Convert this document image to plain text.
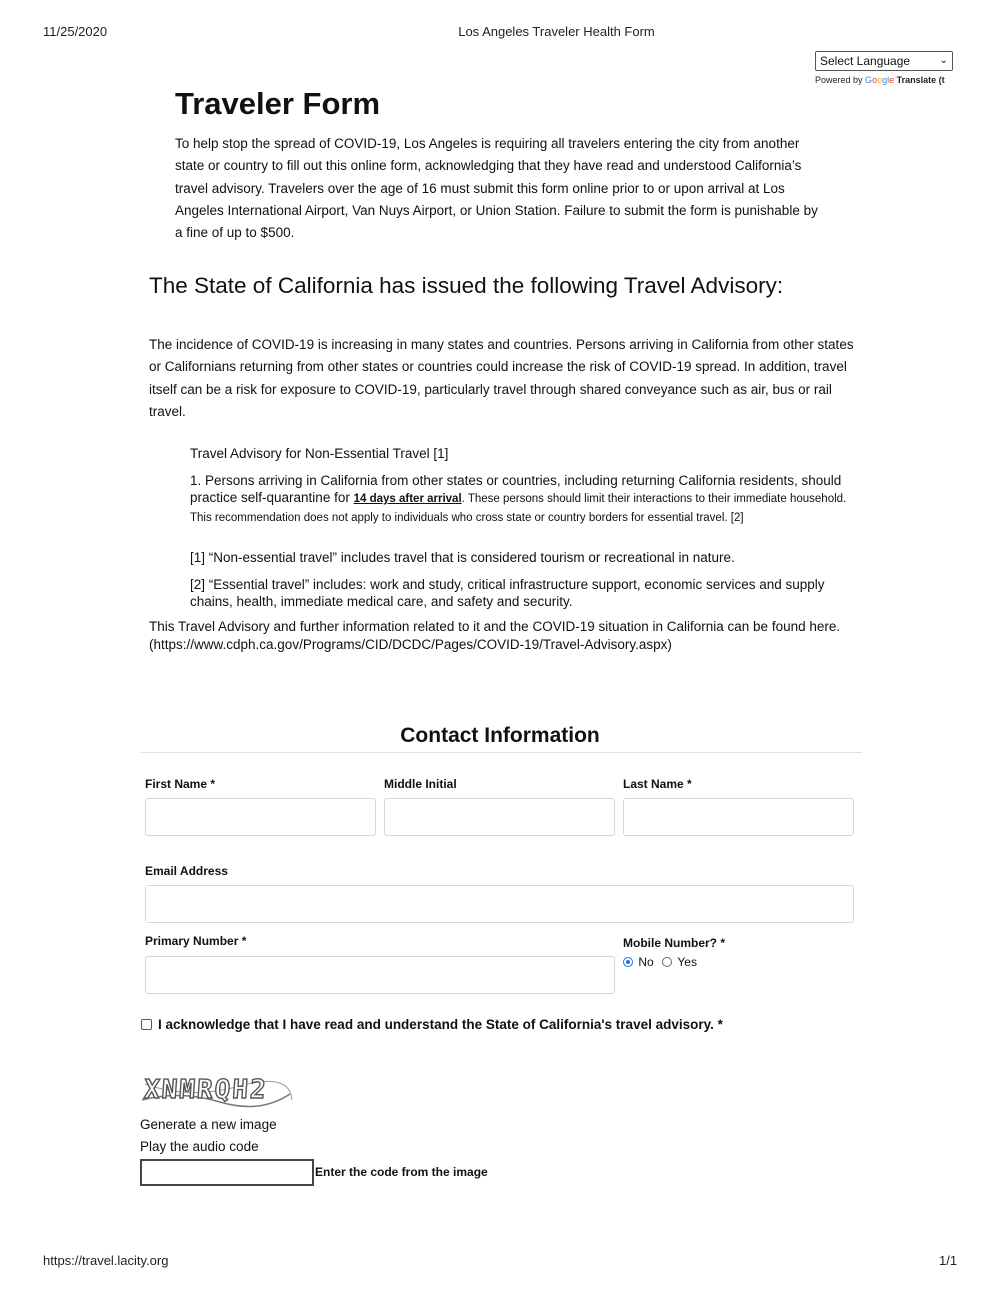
11/25/2020	Los Angeles Traveler Health Form
Select Language	⌄
Powered by Google Translate (t
Traveler Form
To help stop the spread of COVID-19, Los Angeles is requiring all travelers entering the city from another state or country to fill out this online form, acknowledging that they have read and understood California’s travel advisory. Travelers over the age of 16 must submit this form online prior to or upon arrival at Los Angeles International Airport, Van Nuys Airport, or Union Station. Failure to submit the form is punishable by a fine of up to $500.
The State of California has issued the following Travel Advisory:
The incidence of COVID-19 is increasing in many states and countries. Persons arriving in California from other states or Californians returning from other states or countries could increase the risk of COVID-19 spread. In addition, travel itself can be a risk for exposure to COVID-19, particularly travel through shared conveyance such as air, bus or rail travel.
Travel Advisory for Non-Essential Travel [1]
1. Persons arriving in California from other states or countries, including returning California residents, should practice self-quarantine for 14 days after arrival. These persons should limit their interactions to their immediate household. This recommendation does not apply to individuals who cross state or country borders for essential travel. [2]
[1] “Non-essential travel” includes travel that is considered tourism or recreational in nature.
[2] “Essential travel” includes: work and study, critical infrastructure support, economic services and supply chains, health, immediate medical care, and safety and security.
This Travel Advisory and further information related to it and the COVID-19 situation in California can be found here. (https://www.cdph.ca.gov/Programs/CID/DCDC/Pages/COVID-19/Travel-Advisory.aspx)
Contact Information
First Name *	Middle Initial	Last Name *
Email Address
Primary Number *	Mobile Number? *
No Yes
I acknowledge that I have read and understand the State of California's travel advisory. *
XNMRQH2
Generate a new image
Play the audio code
Enter the code from the image
https://travel.lacity.org	1/1
